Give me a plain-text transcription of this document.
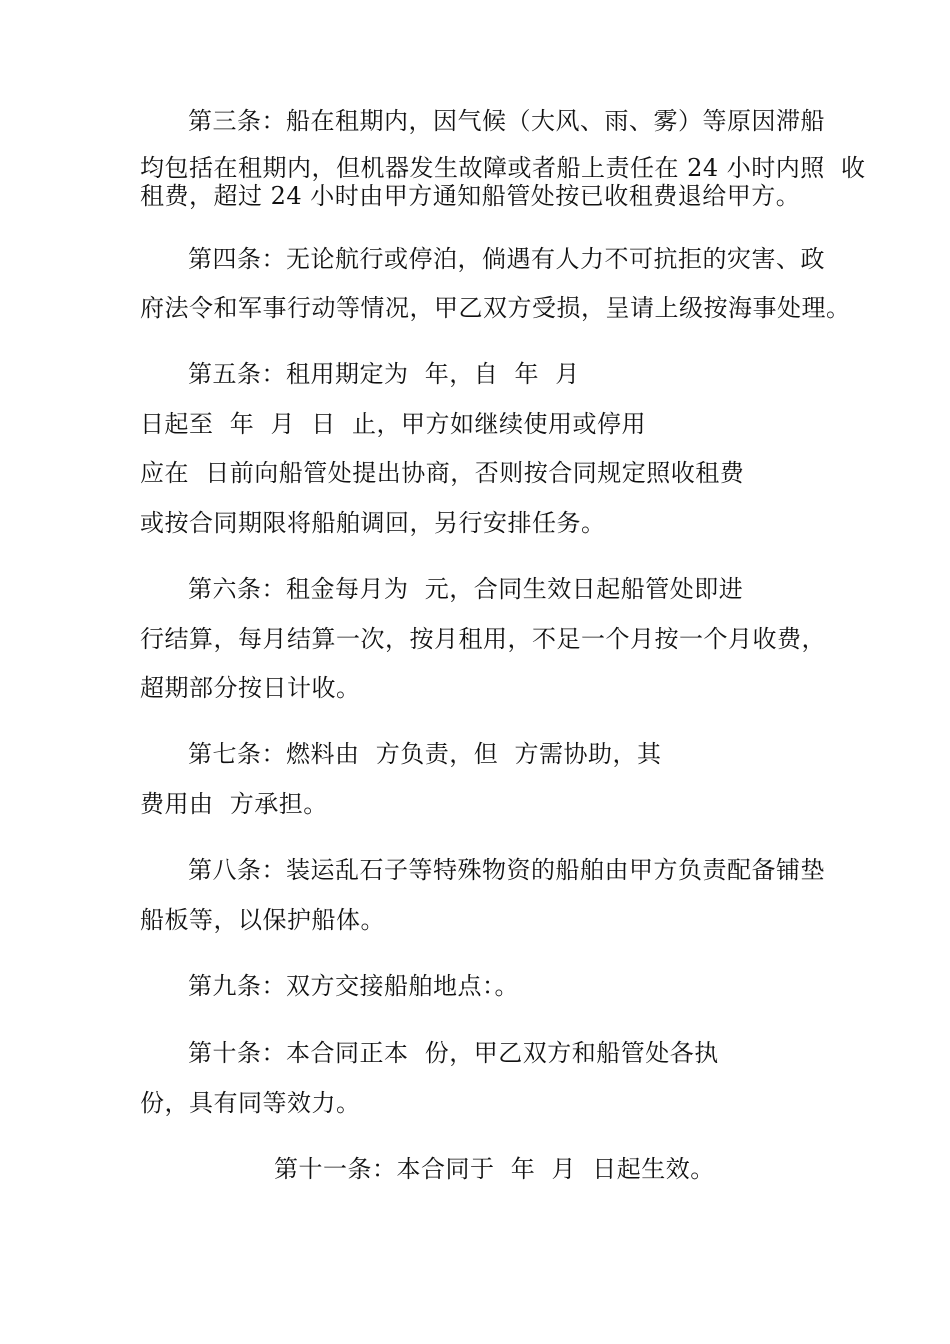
第三条：船在租期内，因气候（大风、雨、雾）等原因滞船
均包括在租期内，但机器发生故障或者船上责任在 24 小时内照  收
租费，超过 24 小时由甲方通知船管处按已收租费退给甲方。
第四条：无论航行或停泊，倘遇有人力不可抗拒的灾害、政
府法令和军事行动等情况，甲乙双方受损，呈请上级按海事处理。
第五条：租用期定为  年，自  年  月
日起至  年  月  日  止，甲方如继续使用或停用
应在  日前向船管处提出协商，否则按合同规定照收租费
或按合同期限将船舶调回，另行安排任务。
第六条：租金每月为  元，合同生效日起船管处即进
行结算，每月结算一次，按月租用，不足一个月按一个月收费，
超期部分按日计收。
第七条：燃料由  方负责，但  方需协助，其
费用由  方承担。
第八条：装运乱石子等特殊物资的船舶由甲方负责配备铺垫
船板等，以保护船体。
第九条：双方交接船舶地点：。
第十条：本合同正本  份，甲乙双方和船管处各执
份，具有同等效力。
第十一条：本合同于  年  月  日起生效。
